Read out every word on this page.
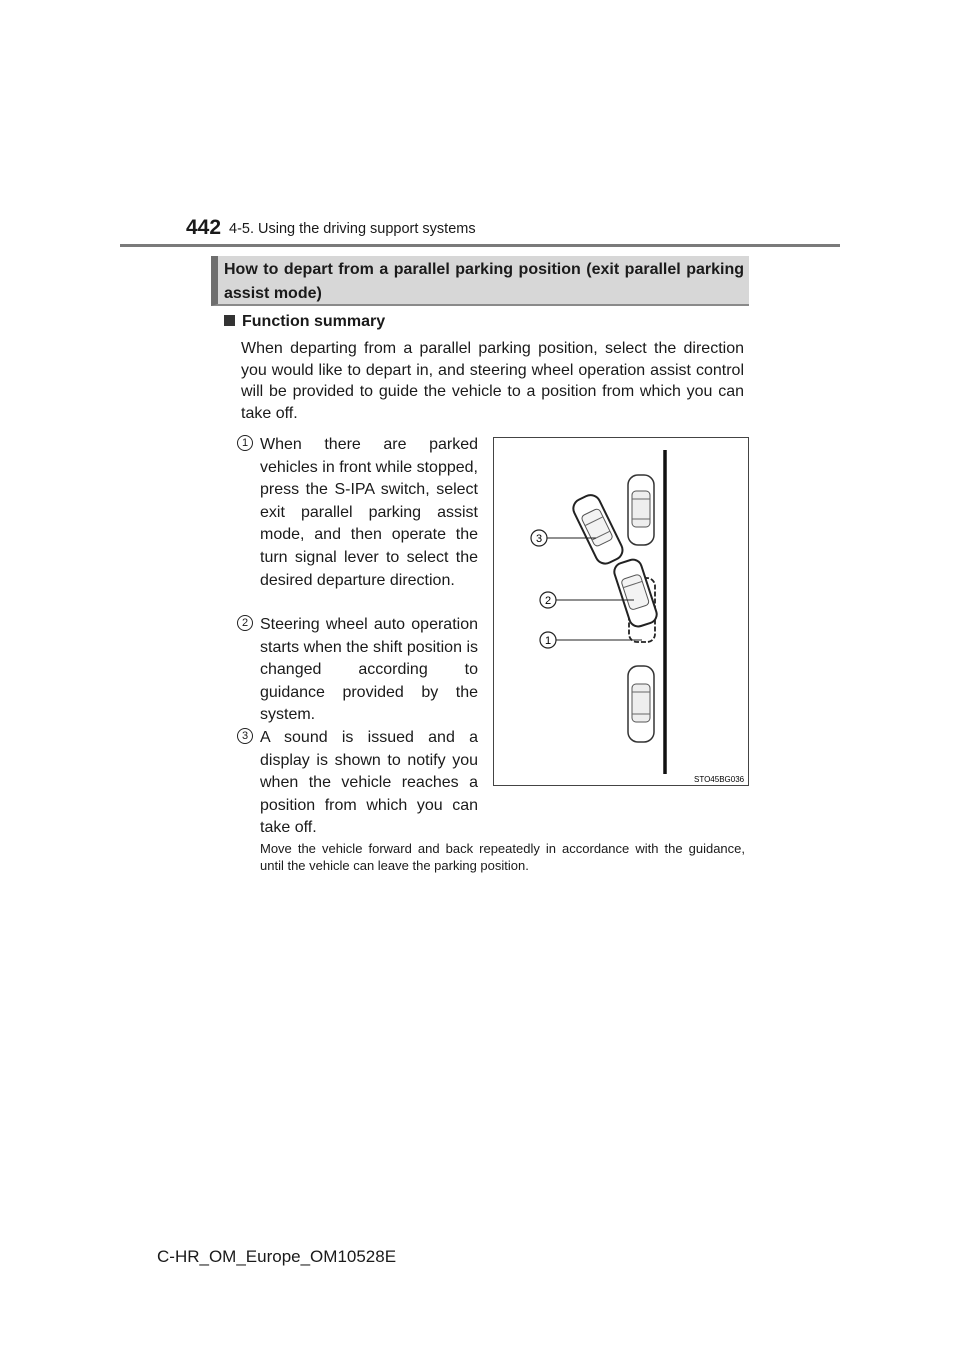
442 4-5. Using the driving support systems
How to depart from a parallel parking position (exit parallel parking assist mode)
Function summary
When departing from a parallel parking position, select the direction you would like to depart in, and steering wheel operation assist control will be provided to guide the vehicle to a position from which you can take off.
1 When there are parked vehicles in front while stopped, press the S-IPA switch, select exit parallel parking assist mode, and then operate the turn signal lever to select the desired departure direction.
2 Steering wheel auto operation starts when the shift position is changed according to guidance provided by the system.
3 A sound is issued and a display is shown to notify you when the vehicle reaches a position from which you can take off.
Move the vehicle forward and back repeatedly in accordance with the guidance, until the vehicle can leave the parking position.
3
2
1
STO45BG036
C-HR_OM_Europe_OM10528E
